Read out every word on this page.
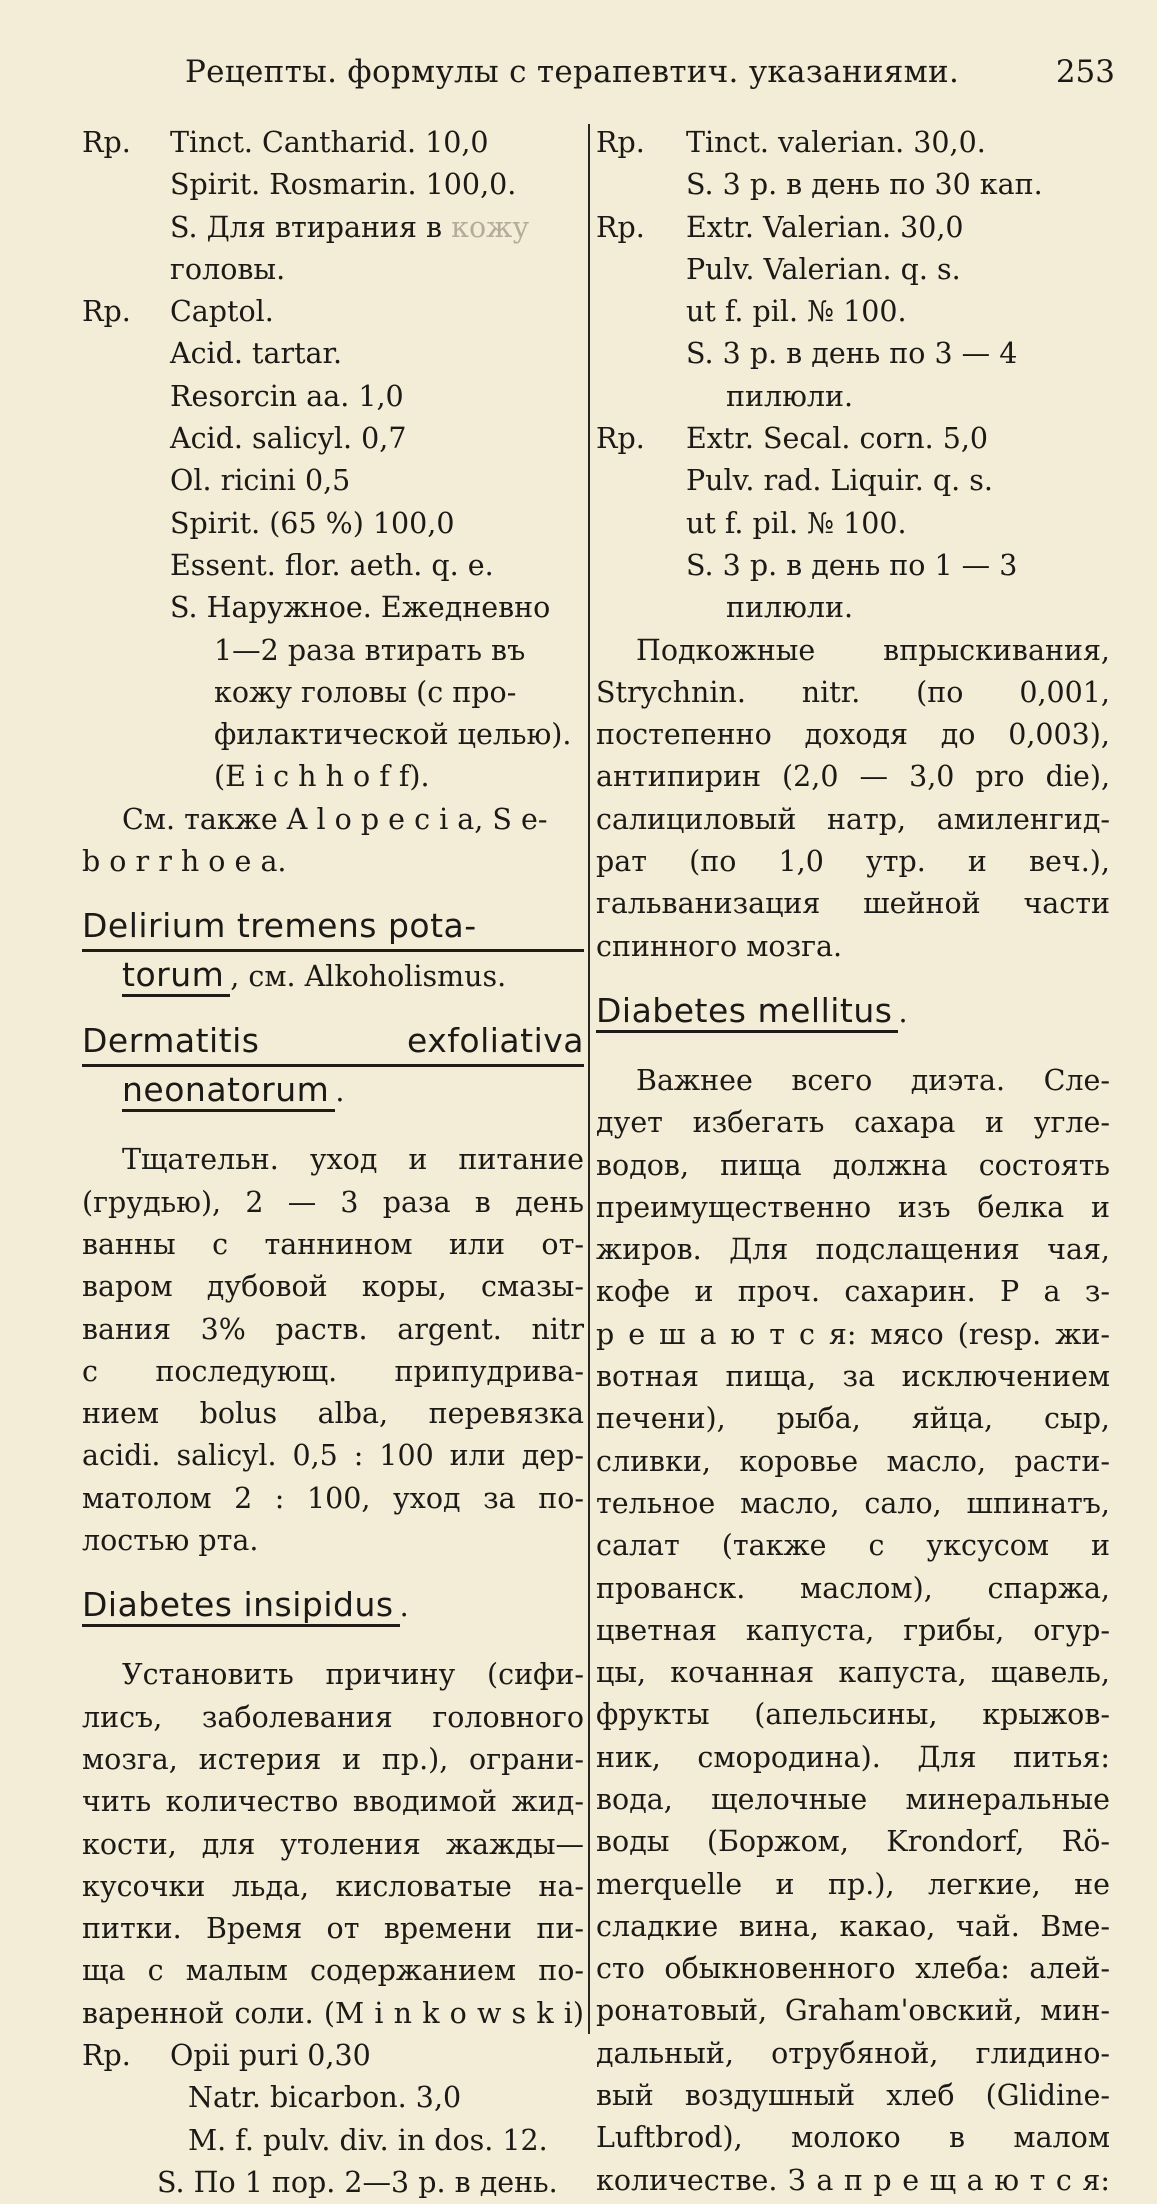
Рецепты. формулы с терапевтич. указаниями.	253
Rp. Tinct. Cantharid. 10,0
Spirit. Rosmarin. 100,0.
S. Для втирания в кожу
головы.
Rp. Captol.
Acid. tartar.
Resorcin aa. 1,0
Acid. salicyl. 0,7
Ol. ricini 0,5
Spirit. (65 %) 100,0
Essent. flor. aeth. q. e.
S. Наружное. Ежедневно
1—2 раза втирать въ
кожу головы (с про-
филактической целью).
(E i c h h o f f).
См. также A l o p e c i a, S e-
b o r r h o e a.
Delirium tremens pota-
torum , см. Alkoholismus.
Dermatitis	exfoliativa
neonatorum .
Тщательн. уход и питание
(грудью), 2 — 3 раза в день
ванны с таннином или от-
варом дубовой коры, смазы-
вания 3% раств. argent. nitr
с последующ. припудрива-
нием bolus alba, перевязка
acidi. salicyl. 0,5 : 100 или дер-
матолом 2 : 100, уход за по-
лостью рта.
Diabetes insipidus .
Установить причину (сифи-
лисъ, заболевания головного
мозга, истерия и пр.), ограни-
чить количество вводимой жид-
кости, для утоления жажды—
кусочки льда, кисловатые на-
питки. Время от времени пи-
ща с малым содержанием по-
варенной соли. (M i n k o w s k i)
Rp. Opii puri 0,30
Natr. bicarbon. 3,0
M. f. pulv. div. in dos. 12.
S. По 1 пор. 2—3 р. в день.
Rp. Tinct. valerian. 30,0.
S. 3 р. в день по 30 кап.
Rp. Extr. Valerian. 30,0
Pulv. Valerian. q. s.
ut f. pil. № 100.
S. 3 р. в день по 3 — 4
пилюли.
Rp. Extr. Secal. corn. 5,0
Pulv. rad. Liquir. q. s.
ut f. pil. № 100.
S. 3 р. в день по 1 — 3
пилюли.
Подкожные впрыскивания,
Strychnin. nitr. (по 0,001,
постепенно доходя до 0,003),
антипирин (2,0 — 3,0 pro die),
салициловый натр, амиленгид-
рат (по 1,0 утр. и веч.),
гальванизация шейной части
спинного мозга.
Diabetes mellitus .
Важнее всего диэта. Сле-
дует избегать сахара и угле-
водов, пища должна состоять
преимущественно изъ белка и
жиров. Для подслащения чая,
кофе и проч. сахарин. Р а з-
р е ш а ю т с я: мясо (resp. жи-
вотная пища, за исключением
печени), рыба, яйца, сыр,
сливки, коровье масло, расти-
тельное масло, сало, шпинатъ,
салат (также с уксусом и
прованск. маслом), спаржа,
цветная капуста, грибы, огур-
цы, кочанная капуста, щавель,
фрукты (апельсины, крыжов-
ник, смородина). Для питья:
вода, щелочные минеральные
воды (Боржом, Krondorf, Rö-
merquelle и пр.), легкие, не
сладкие вина, какао, чай. Вме-
сто обыкновенного хлеба: алей-
ронатовый, Graham'овский, мин-
дальный, отрубяной, глидино-
вый воздушный хлеб (Glidine-
Luftbrod), молоко в малом
количестве. З а п р е щ а ю т с я:
